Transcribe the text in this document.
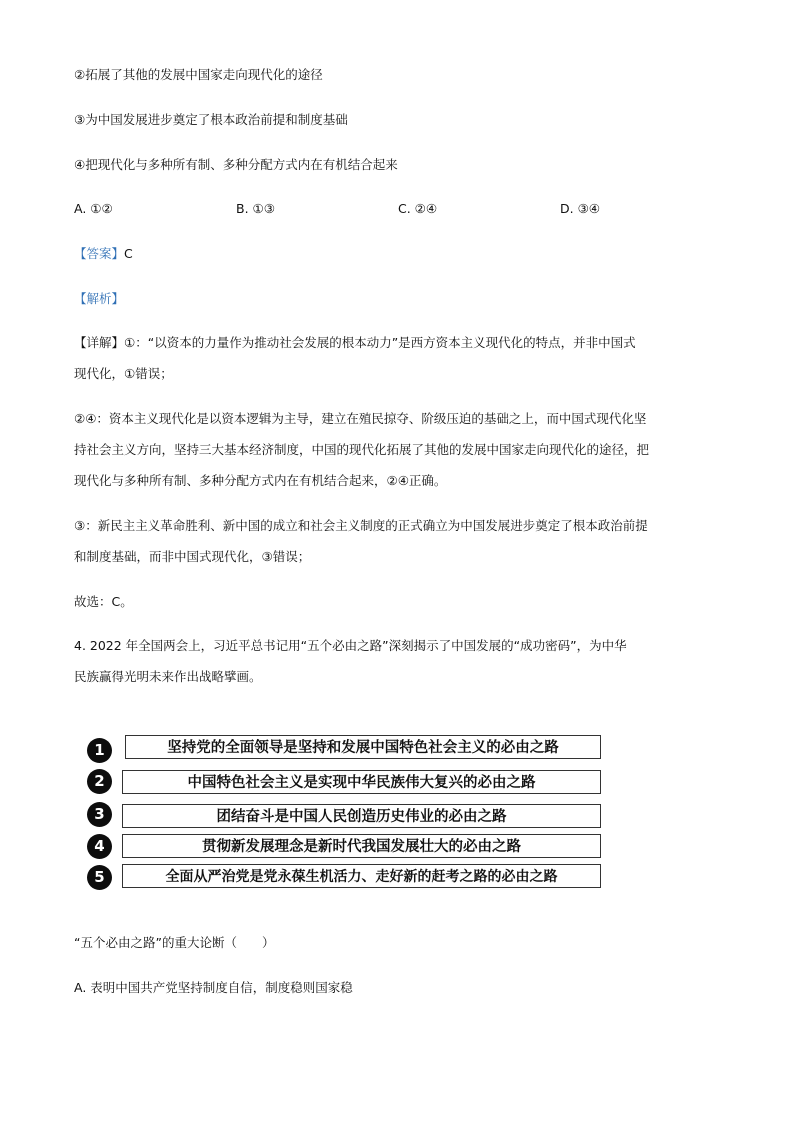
②拓展了其他的发展中国家走向现代化的途径
③为中国发展进步奠定了根本政治前提和制度基础
④把现代化与多种所有制、多种分配方式内在有机结合起来
A. ①②	B. ①③	C. ②④	D. ③④
【答案】C
【解析】
【详解】①：“以资本的力量作为推动社会发展的根本动力”是西方资本主义现代化的特点，并非中国式
现代化，①错误；
②④：资本主义现代化是以资本逻辑为主导，建立在殖民掠夺、阶级压迫的基础之上，而中国式现代化坚
持社会主义方向，坚持三大基本经济制度，中国的现代化拓展了其他的发展中国家走向现代化的途径，把
现代化与多种所有制、多种分配方式内在有机结合起来，②④正确。
③：新民主主义革命胜利、新中国的成立和社会主义制度的正式确立为中国发展进步奠定了根本政治前提
和制度基础，而非中国式现代化，③错误；
故选：C。
4. 2022 年全国两会上，习近平总书记用“五个必由之路”深刻揭示了中国发展的“成功密码”，为中华
民族赢得光明未来作出战略擘画。
1	坚持党的全面领导是坚持和发展中国特色社会主义的必由之路
2	中国特色社会主义是实现中华民族伟大复兴的必由之路
3	团结奋斗是中国人民创造历史伟业的必由之路
4	贯彻新发展理念是新时代我国发展壮大的必由之路
5	全面从严治党是党永葆生机活力、走好新的赶考之路的必由之路
“五个必由之路”的重大论断（　　）
A. 表明中国共产党坚持制度自信，制度稳则国家稳
